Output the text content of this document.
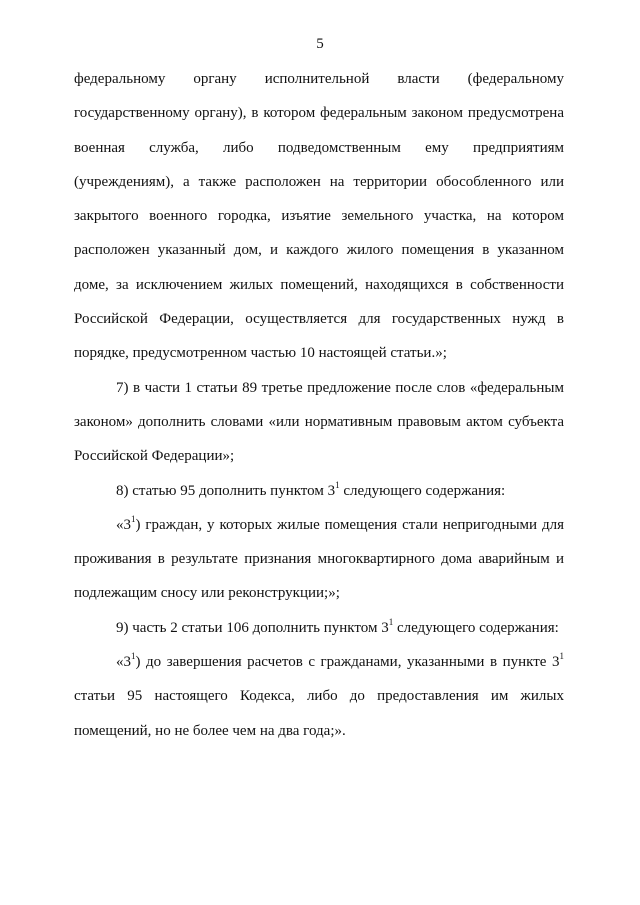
5

федеральному органу исполнительной власти (федеральному государственному органу), в котором федеральным законом предусмотрена военная служба, либо подведомственным ему предприятиям (учреждениям), а также расположен на территории обособленного или закрытого военного городка, изъятие земельного участка, на котором расположен указанный дом, и каждого жилого помещения в указанном доме, за исключением жилых помещений, находящихся в собственности Российской Федерации, осуществляется для государственных нужд в порядке, предусмотренном частью 10 настоящей статьи.»;

7) в части 1 статьи 89 третье предложение после слов «федеральным законом» дополнить словами «или нормативным правовым актом субъекта Российской Федерации»;

8) статью 95 дополнить пунктом $3^1$ следующего содержания:

«$3^1$) граждан, у которых жилые помещения стали непригодными для проживания в результате признания многоквартирного дома аварийным и подлежащим сносу или реконструкции;»;

9) часть 2 статьи 106 дополнить пунктом $3^1$ следующего содержания:

«$3^1$) до завершения расчетов с гражданами, указанными в пункте $3^1$ статьи 95 настоящего Кодекса, либо до предоставления им жилых помещений, но не более чем на два года;».
